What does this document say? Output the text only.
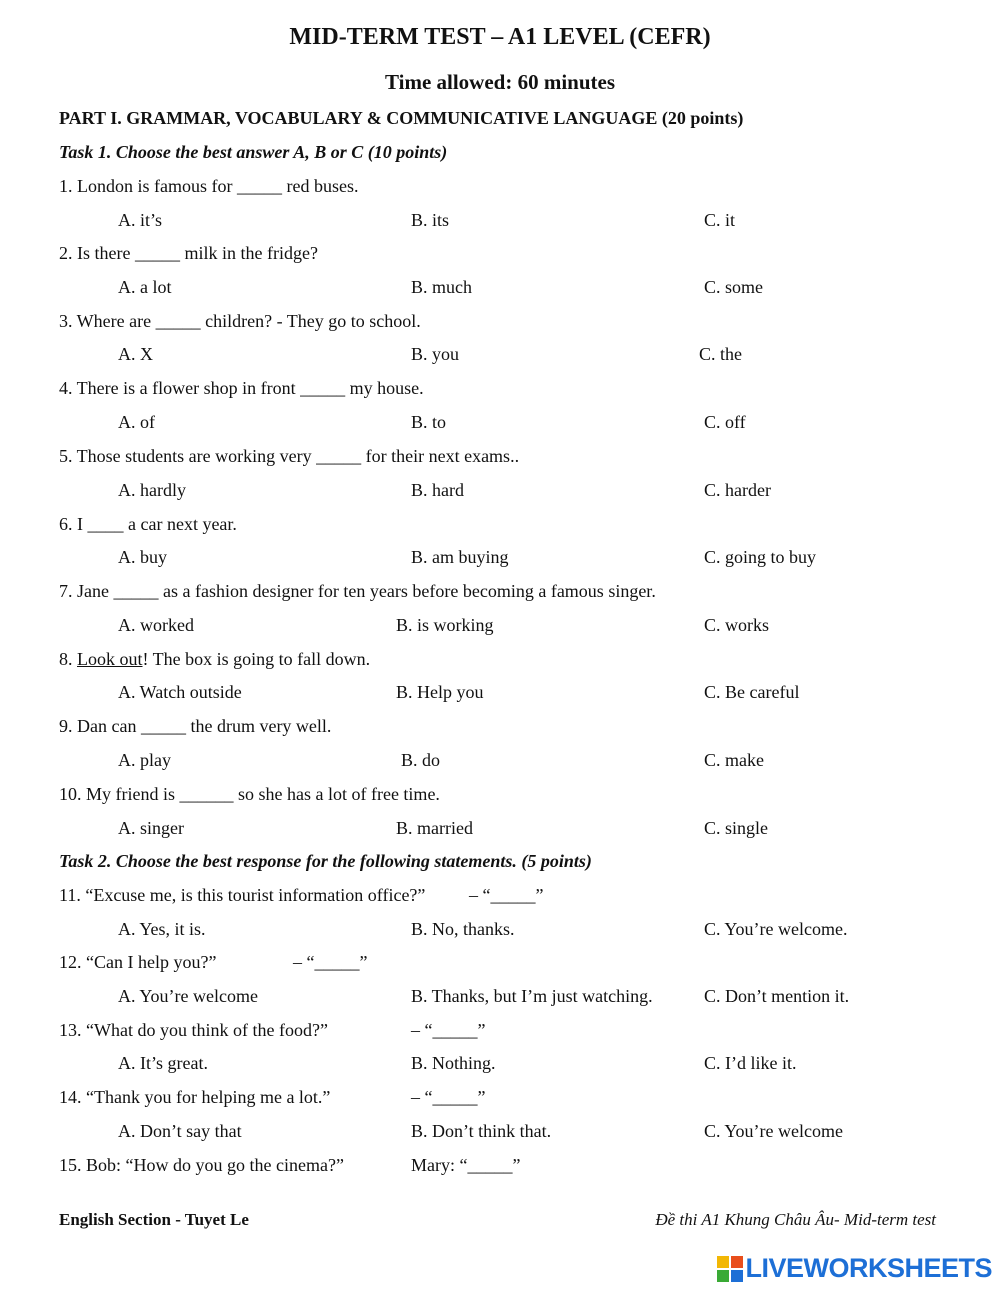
MID-TERM TEST – A1 LEVEL (CEFR)
Time allowed: 60 minutes
PART I. GRAMMAR, VOCABULARY & COMMUNICATIVE LANGUAGE (20 points)
Task 1. Choose the best answer A, B or C (10 points)
1. London is famous for _____ red buses.
A. it’s	B. its	C. it
2. Is there _____ milk in the fridge?
A. a lot	B. much	C. some
3. Where are _____ children? - They go to school.
A. X	B. you	C. the
4. There is a flower shop in front _____ my house.
A. of	B. to	C. off
5. Those students are working very _____ for their next exams..
A. hardly	B. hard	C. harder
6. I ____ a car next year.
A. buy	B. am buying	C. going to buy
7. Jane _____ as a fashion designer for ten years before becoming a famous singer.
A. worked	B. is working	C. works
8. Look out! The box is going to fall down.
A. Watch outside	B. Help you	C. Be careful
9. Dan can _____ the drum very well.
A. play	B. do	C. make
10. My friend is ______ so she has a lot of free time.
A. singer	B. married	C. single
Task 2. Choose the best response for the following statements. (5 points)
11. “Excuse me, is this tourist information office?” – “_____”
A. Yes, it is.	B. No, thanks.	C. You’re welcome.
12. “Can I help you?”	– “_____”
A. You’re welcome	B. Thanks, but I’m just watching.	C. Don’t mention it.
13. “What do you think of the food?”	– “_____”
A. It’s great.	B. Nothing.	C. I’d like it.
14. “Thank you for helping me a lot.”	– “_____”
A. Don’t say that	B. Don’t think that.	C. You’re welcome
15. Bob: “How do you go the cinema?”	Mary: “_____”
English Section - Tuyet Le	Đề thi A1 Khung Châu Âu- Mid-term test
LIVEWORKSHEETS
